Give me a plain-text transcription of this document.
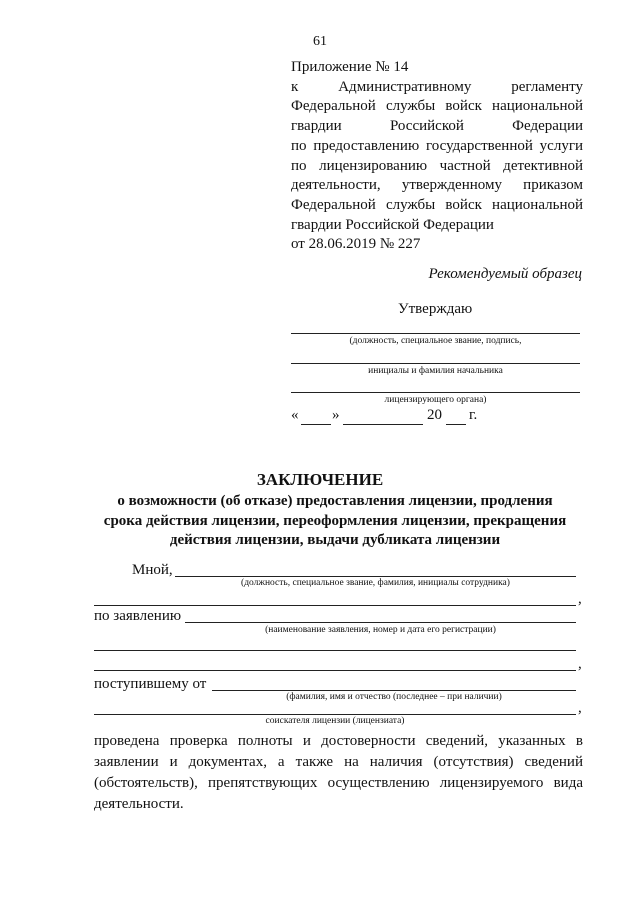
61
Приложение № 14
к Административному регламенту
Федеральной службы войск национальной
гвардии Российской Федерации
по предоставлению государственной услуги
по лицензированию частной детективной
деятельности, утвержденному приказом
Федеральной службы войск национальной
гвардии Российской Федерации
от 28.06.2019 № 227
Рекомендуемый образец
Утверждаю
(должность, специальное звание, подпись,
инициалы и фамилия начальника
лицензирующего органа)
« »	20 г.
ЗАКЛЮЧЕНИЕ
о возможности (об отказе) предоставления лицензии, продления
срока действия лицензии, переоформления лицензии, прекращения
действия лицензии, выдачи дубликата лицензии
Мной,
(должность, специальное звание, фамилия, инициалы сотрудника)
,
по заявлению
(наименование заявления, номер и дата его регистрации)
,
поступившему от
(фамилия, имя и отчество (последнее – при наличии)
,
соискателя лицензии (лицензиата)
проведена проверка полноты и достоверности сведений, указанных в
заявлении и документах, а также на наличия (отсутствия) сведений
(обстоятельств), препятствующих осуществлению лицензируемого вида
деятельности.
